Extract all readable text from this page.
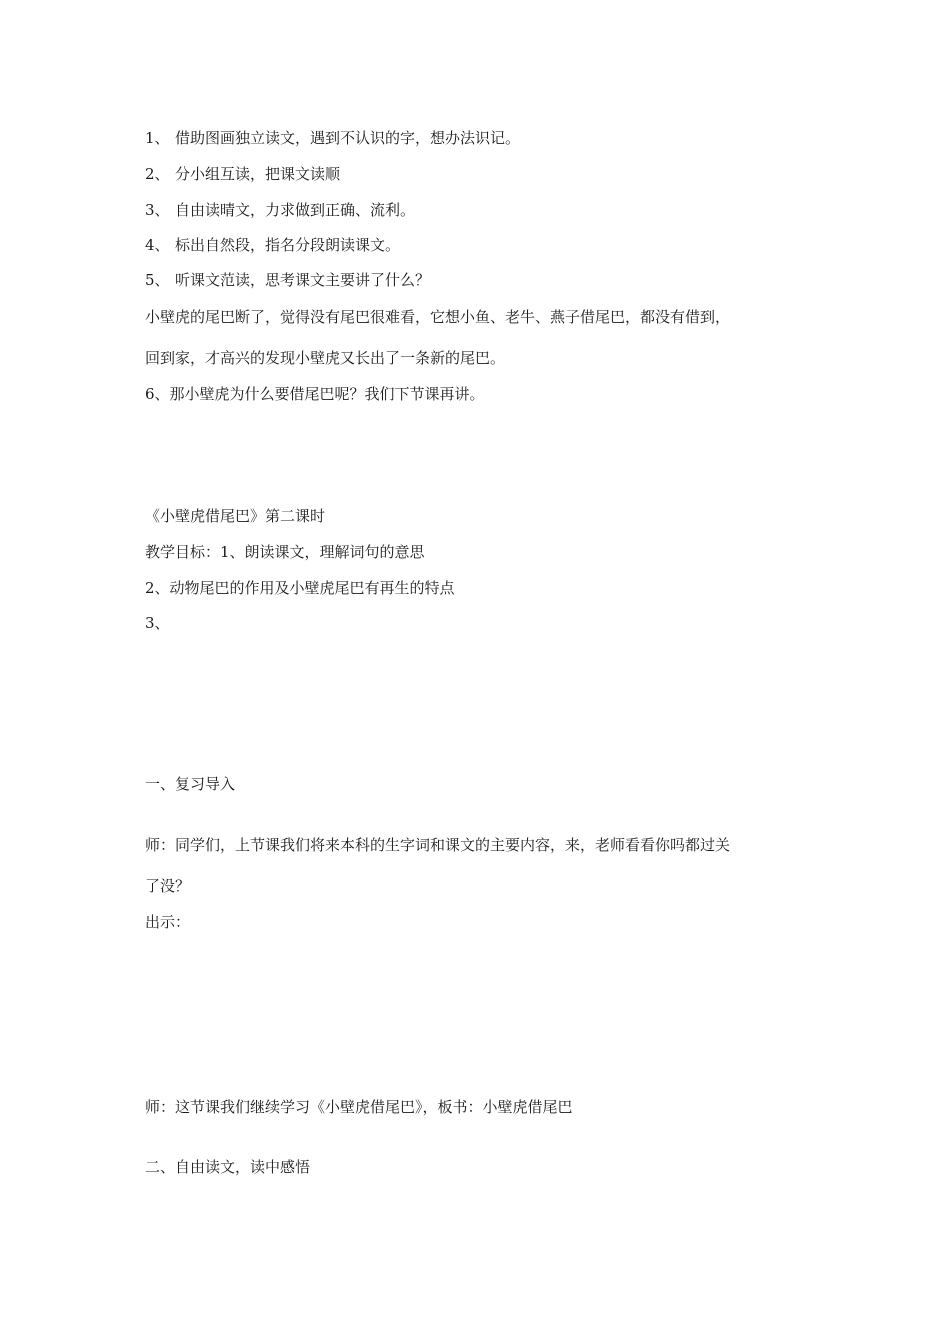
1、 借助图画独立读文，遇到不认识的字，想办法识记。
2、 分小组互读，把课文读顺
3、 自由读晴文，力求做到正确、流利。
4、 标出自然段，指名分段朗读课文。
5、 听课文范读，思考课文主要讲了什么？
小壁虎的尾巴断了，觉得没有尾巴很难看，它想小鱼、老牛、燕子借尾巴，都没有借到，
回到家，才高兴的发现小壁虎又长出了一条新的尾巴。
6、那小壁虎为什么要借尾巴呢？我们下节课再讲。
《小壁虎借尾巴》第二课时
教学目标：1、朗读课文，理解词句的意思
2、动物尾巴的作用及小壁虎尾巴有再生的特点
3、
一、复习导入
师：同学们，上节课我们将来本科的生字词和课文的主要内容，来，老师看看你吗都过关
了没？
出示：
师：这节课我们继续学习《小壁虎借尾巴》，板书：小壁虎借尾巴
二、自由读文，读中感悟
